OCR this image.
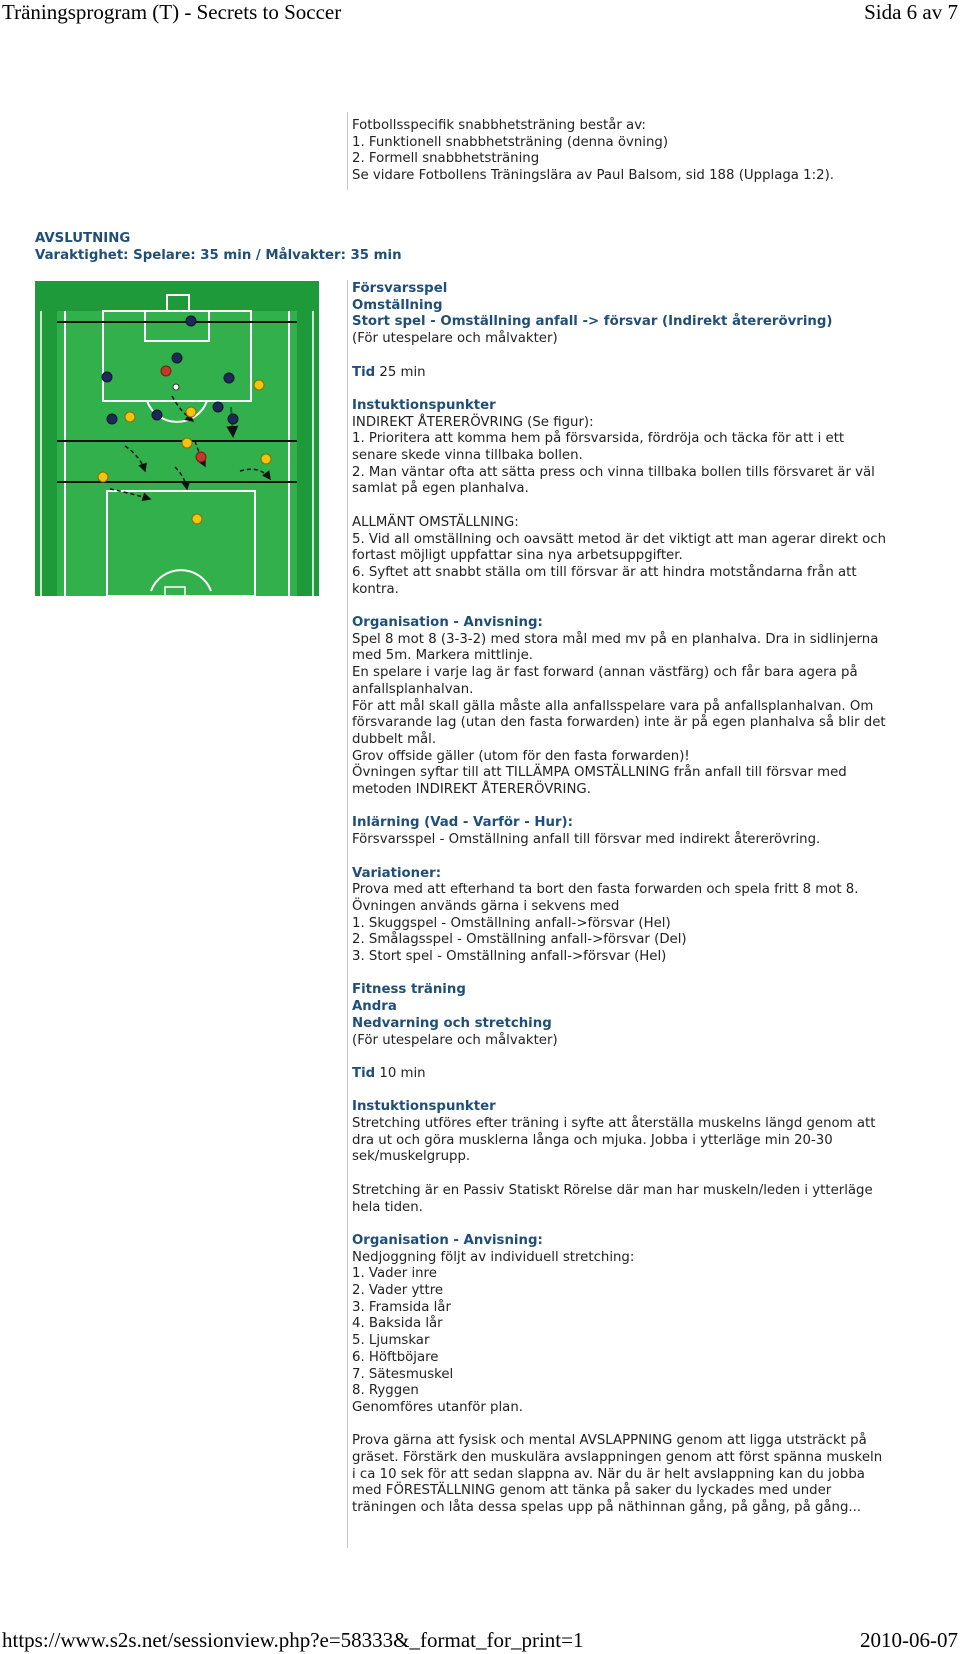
Träningsprogram (T) - Secrets to Soccer	Sida 6 av 7

Fotbollsspecifik snabbhetsträning består av:

1. Funktionell snabbhetsträning (denna övning)

2. Formell snabbhetsträning

Se vidare Fotbollens Träningslära av Paul Balsom, sid 188 (Upplaga 1:2).

AVSLUTNING

Varaktighet: Spelare: 35 min / Målvakter: 35 min

Försvarsspel

Omställning

Stort spel - Omställning anfall -> försvar (Indirekt återerövring)

(För utespelare och målvakter)

Tid 25 min

Instuktionspunkter

INDIREKT ÅTERERÖVRING (Se figur):

1. Prioritera att komma hem på försvarsida, fördröja och täcka för att i ett

senare skede vinna tillbaka bollen.

2. Man väntar ofta att sätta press och vinna tillbaka bollen tills försvaret är väl

samlat på egen planhalva.

ALLMÄNT OMSTÄLLNING:

5. Vid all omställning och oavsätt metod är det viktigt att man agerar direkt och

fortast möjligt uppfattar sina nya arbetsuppgifter.

6. Syftet att snabbt ställa om till försvar är att hindra motståndarna från att

kontra.

Organisation - Anvisning:

Spel 8 mot 8 (3-3-2) med stora mål med mv på en planhalva. Dra in sidlinjerna

med 5m. Markera mittlinje.

En spelare i varje lag är fast forward (annan västfärg) och får bara agera på

anfallsplanhalvan.

För att mål skall gälla måste alla anfallsspelare vara på anfallsplanhalvan. Om

försvarande lag (utan den fasta forwarden) inte är på egen planhalva så blir det

dubbelt mål.

Grov offside gäller (utom för den fasta forwarden)!

Övningen syftar till att TILLÄMPA OMSTÄLLNING från anfall till försvar med

metoden INDIREKT ÅTERERÖVRING.

Inlärning (Vad - Varför - Hur):

Försvarsspel - Omställning anfall till försvar med indirekt återerövring.

Variationer:

Prova med att efterhand ta bort den fasta forwarden och spela fritt 8 mot 8.

Övningen används gärna i sekvens med

1. Skuggspel - Omställning anfall->försvar (Hel)

2. Smålagsspel - Omställning anfall->försvar (Del)

3. Stort spel - Omställning anfall->försvar (Hel)

Fitness träning

Andra

Nedvarning och stretching

(För utespelare och målvakter)

Tid 10 min

Instuktionspunkter

Stretching utföres efter träning i syfte att återställa muskelns längd genom att

dra ut och göra musklerna långa och mjuka. Jobba i ytterläge min 20-30

sek/muskelgrupp.

Stretching är en Passiv Statiskt Rörelse där man har muskeln/leden i ytterläge

hela tiden.

Organisation - Anvisning:

Nedjoggning följt av individuell stretching:

1. Vader inre

2. Vader yttre

3. Framsida lår

4. Baksida lår

5. Ljumskar

6. Höftböjare

7. Sätesmuskel

8. Ryggen

Genomföres utanför plan.

Prova gärna att fysisk och mental AVSLAPPNING genom att ligga utsträckt på

gräset. Förstärk den muskulära avslappningen genom att först spänna muskeln

i ca 10 sek för att sedan slappna av. När du är helt avslappning kan du jobba

med FÖRESTÄLLNING genom att tänka på saker du lyckades med under

träningen och låta dessa spelas upp på näthinnan gång, på gång, på gång...

https://www.s2s.net/sessionview.php?e=58333&_format_for_print=1	2010-06-07
